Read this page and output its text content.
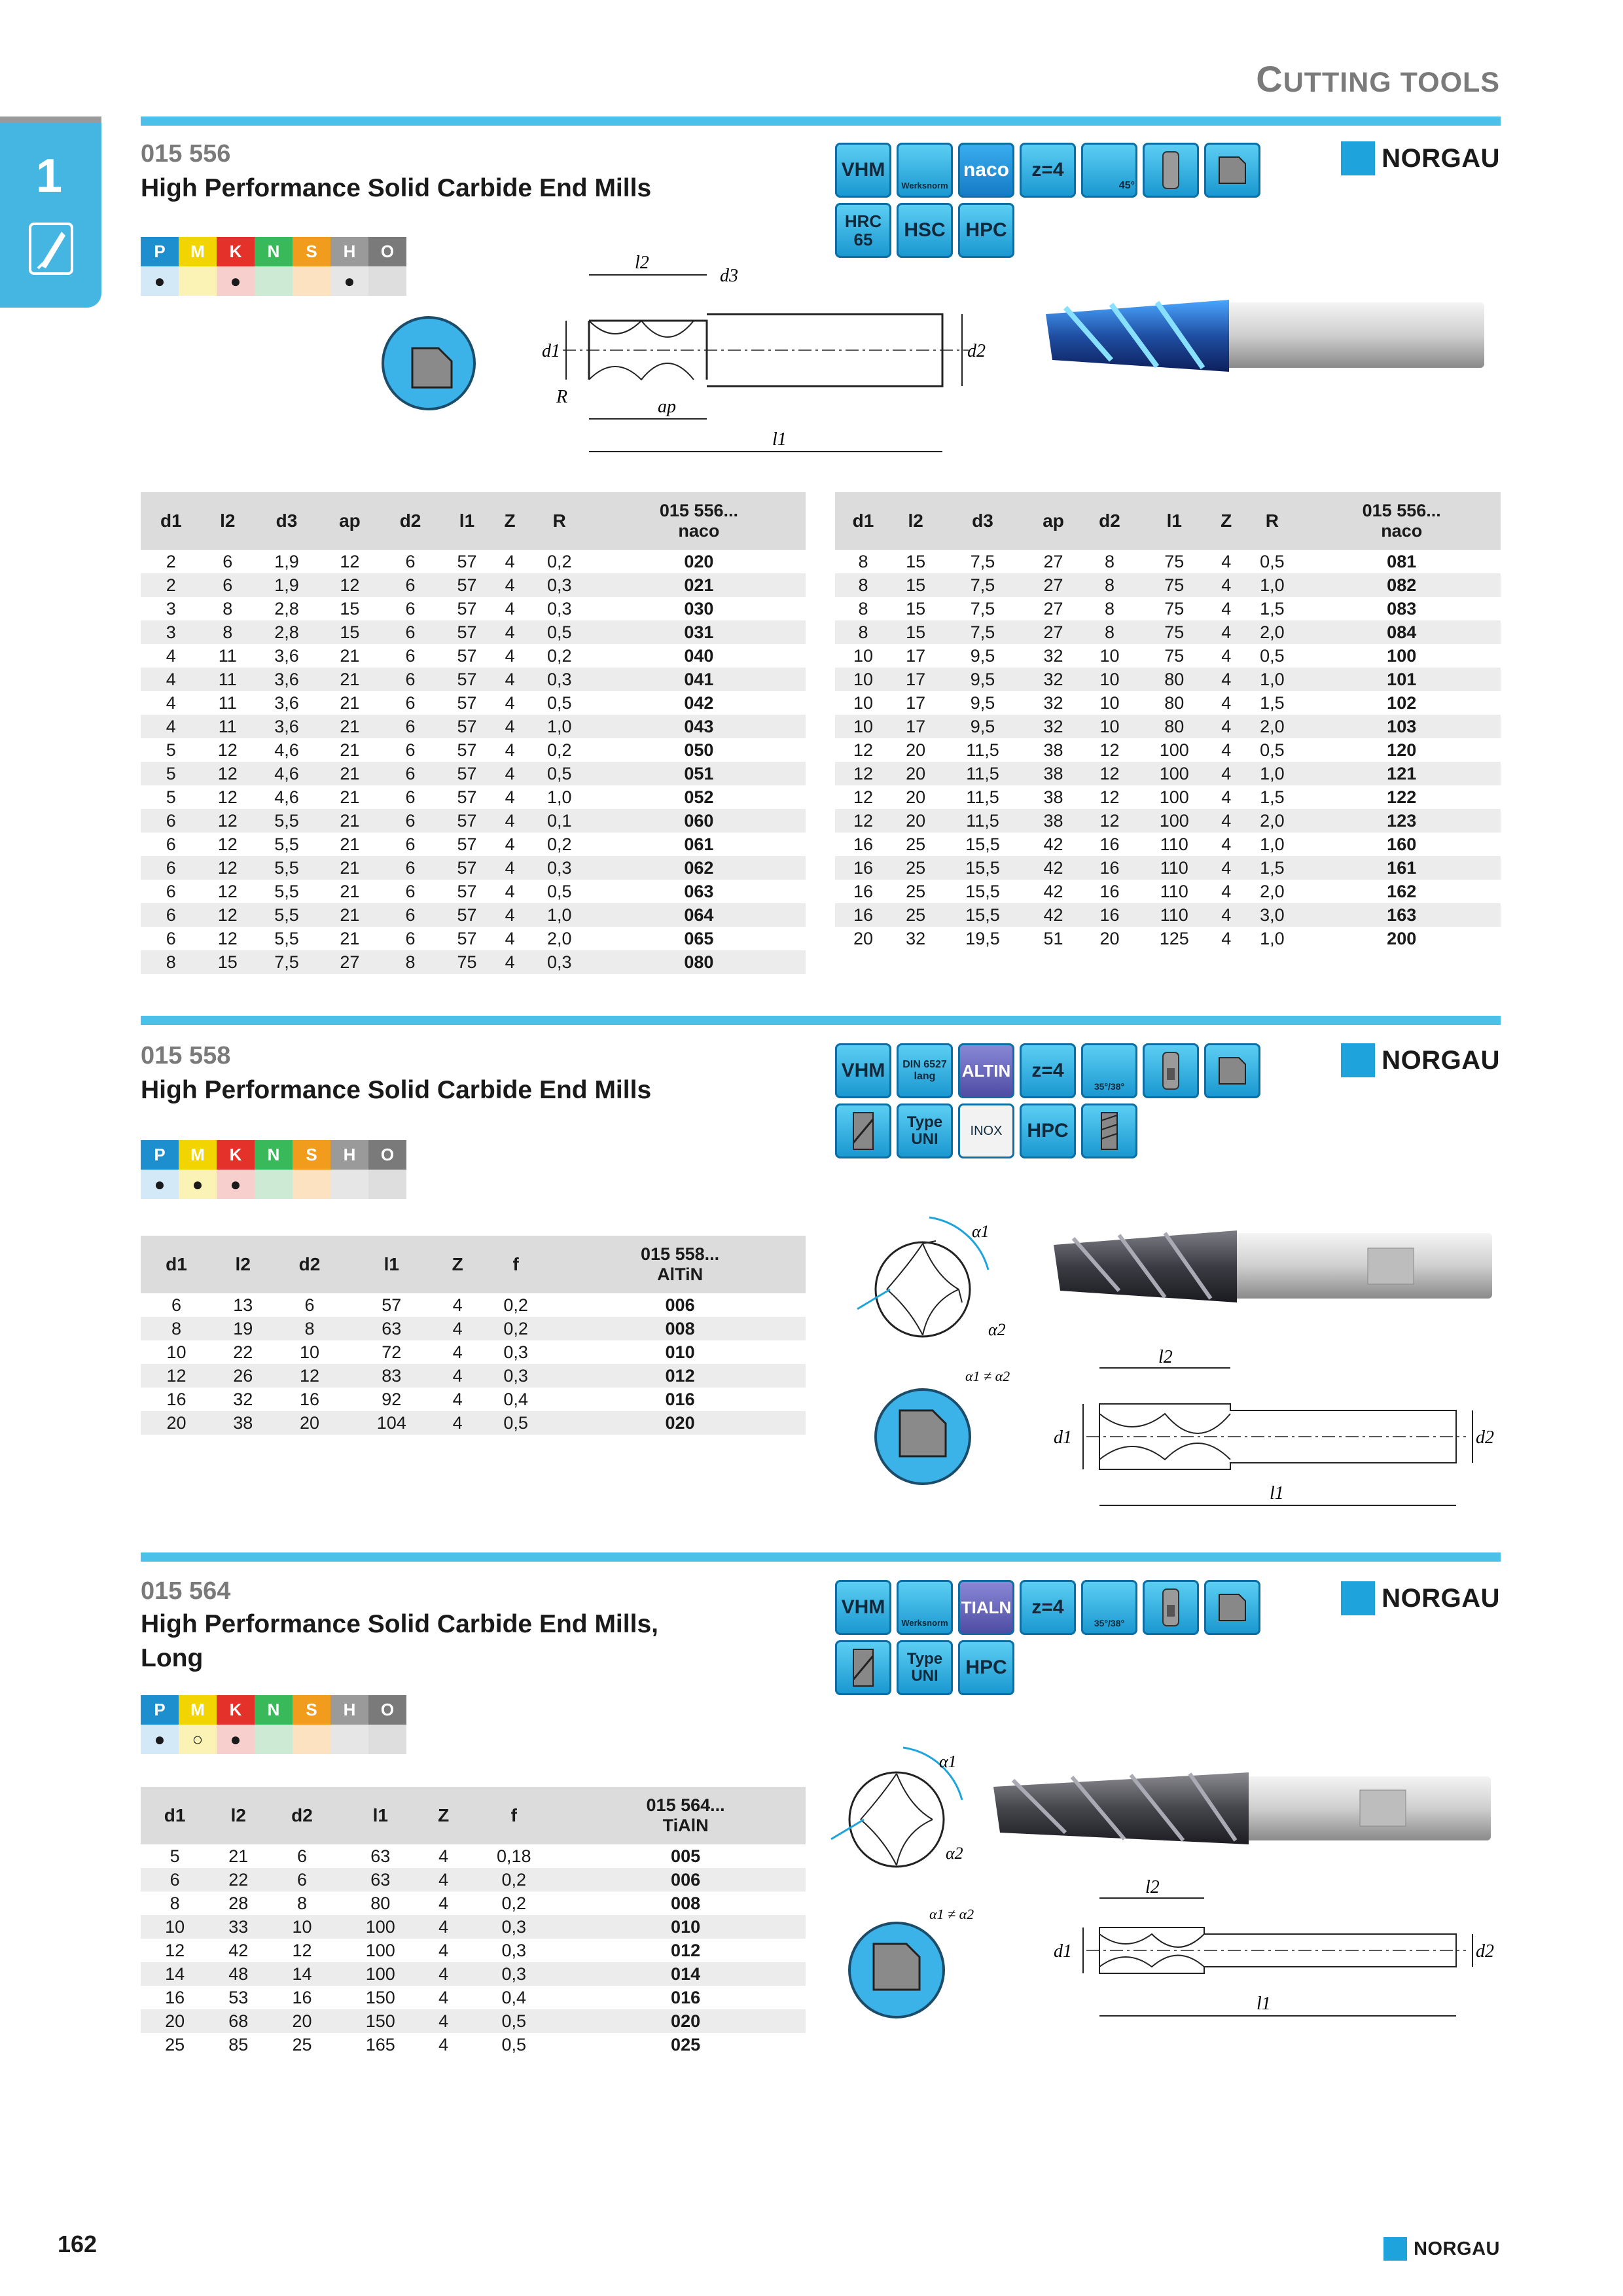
CUTTING TOOLS
1	015 556
High Performance Solid Carbide End Mills
P	M	K	N	S	H	O
●	●	●
VHM
Werksnorm
naco	z=4
45°
HRC 65	HSC	HPC
NORGAU
l2
d3
d1	d2
R	ap
l1
d1	l2	d3	ap	d2	l1	Z	R	015 556...
naco

2	6	1,9	12	6	57	4	0,2	020
2	6	1,9	12	6	57	4	0,3	021
3	8	2,8	15	6	57	4	0,3	030
3	8	2,8	15	6	57	4	0,5	031
4	11	3,6	21	6	57	4	0,2	040
4	11	3,6	21	6	57	4	0,3	041
4	11	3,6	21	6	57	4	0,5	042
4	11	3,6	21	6	57	4	1,0	043
5	12	4,6	21	6	57	4	0,2	050
5	12	4,6	21	6	57	4	0,5	051
5	12	4,6	21	6	57	4	1,0	052
6	12	5,5	21	6	57	4	0,1	060
6	12	5,5	21	6	57	4	0,2	061
6	12	5,5	21	6	57	4	0,3	062
6	12	5,5	21	6	57	4	0,5	063
6	12	5,5	21	6	57	4	1,0	064
6	12	5,5	21	6	57	4	2,0	065
8	15	7,5	27	8	75	4	0,3	080
d1	l2	d3	ap	d2	l1	Z	R	015 556...
naco

8	15	7,5	27	8	75	4	0,5	081
8	15	7,5	27	8	75	4	1,0	082
8	15	7,5	27	8	75	4	1,5	083
8	15	7,5	27	8	75	4	2,0	084
10	17	9,5	32	10	75	4	0,5	100
10	17	9,5	32	10	80	4	1,0	101
10	17	9,5	32	10	80	4	1,5	102
10	17	9,5	32	10	80	4	2,0	103
12	20	11,5	38	12	100	4	0,5	120
12	20	11,5	38	12	100	4	1,0	121
12	20	11,5	38	12	100	4	1,5	122
12	20	11,5	38	12	100	4	2,0	123
16	25	15,5	42	16	110	4	1,0	160
16	25	15,5	42	16	110	4	1,5	161
16	25	15,5	42	16	110	4	2,0	162
16	25	15,5	42	16	110	4	3,0	163
20	32	19,5	51	20	125	4	1,0	200
015 558
High Performance Solid Carbide End Mills
P	M	K	N	S	H	O
●	●	●
VHM	DIN 6527 lang	ALTIN	z=4
35°/38°
Type UNI	INOX	HPC
NORGAU
d1	l2	d2	l1	Z	f	015 558...
AlTiN

6	13	6	57	4	0,2	006
8	19	8	63	4	0,2	008
10	22	10	72	4	0,3	010
12	26	12	83	4	0,3	012
16	32	16	92	4	0,4	016
20	38	20	104	4	0,5	020
α1
α2
α1 ≠ α2
l2
d1	d2
l1
015 564
High Performance Solid Carbide End Mills,
Long
P	M	K	N	S	H	O
●	○	●
VHM
Werksnorm
TIALN	z=4
35°/38°
Type UNI	HPC
NORGAU
d1	l2	d2	l1	Z	f	015 564...
TiAlN

5	21	6	63	4	0,18	005
6	22	6	63	4	0,2	006
8	28	8	80	4	0,2	008
10	33	10	100	4	0,3	010
12	42	12	100	4	0,3	012
14	48	14	100	4	0,3	014
16	53	16	150	4	0,4	016
20	68	20	150	4	0,5	020
25	85	25	165	4	0,5	025
α1
α2
α1 ≠ α2
l2
d1	d2
l1
162	NORGAU
